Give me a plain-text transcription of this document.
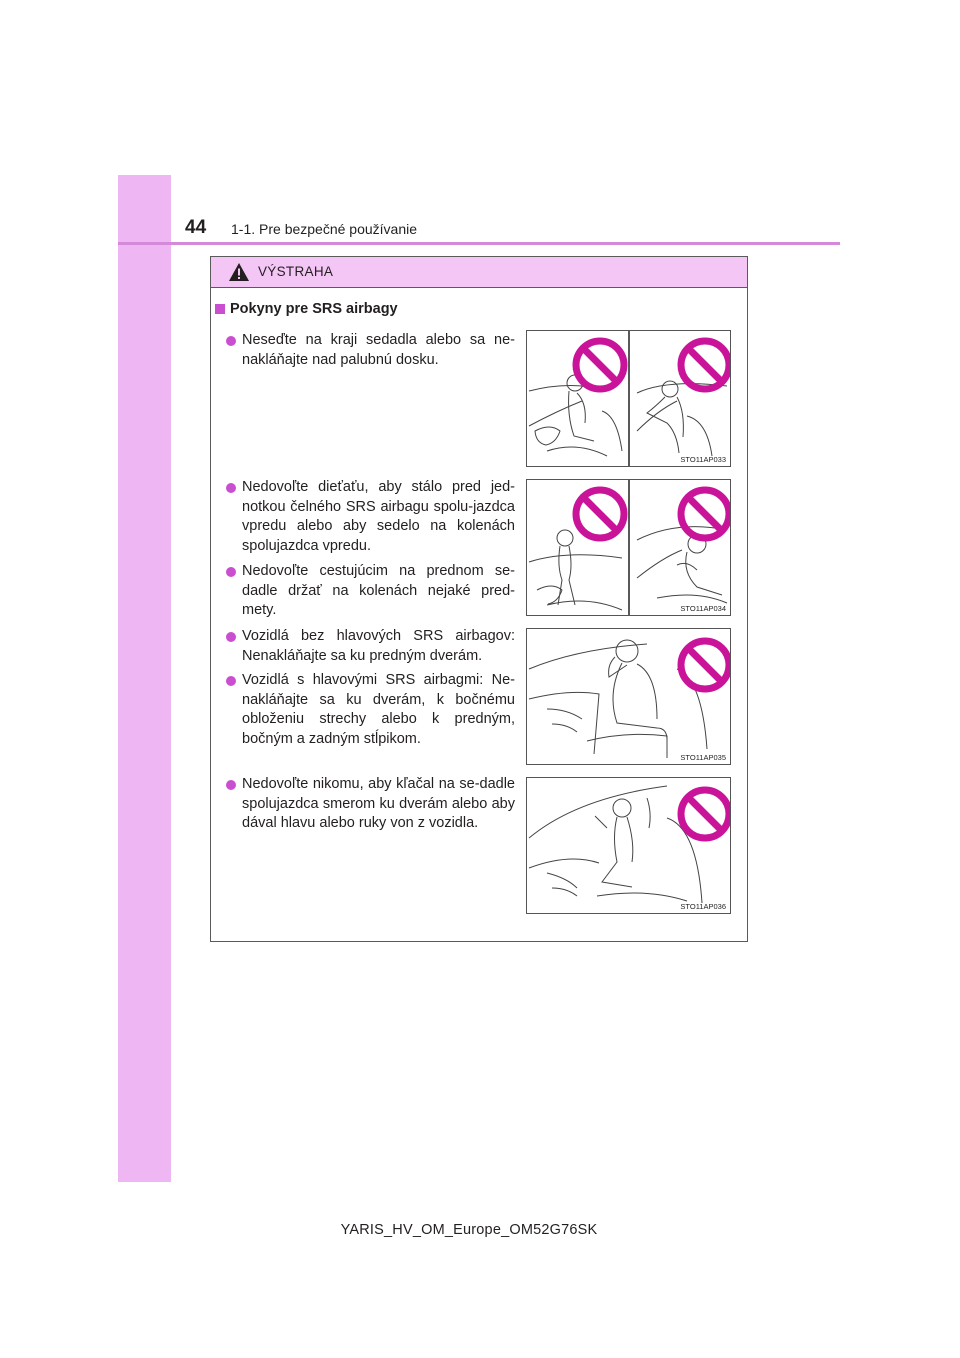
44 1-1. Pre bezpečné používanie
VÝSTRAHA
Pokyny pre SRS airbagy
Neseďte na kraji sedadla alebo sa ne-nakláňajte nad palubnú dosku.
Nedovoľte dieťaťu, aby stálo pred jed-notkou čelného SRS airbagu spolu-jazdca vpredu alebo aby sedelo na kolenách spolujazdca vpredu.
Nedovoľte cestujúcim na prednom se-dadle držať na kolenách nejaké pred-mety.
Vozidlá bez hlavových SRS airbagov: Nenakláňajte sa ku predným dverám.
Vozidlá s hlavovými SRS airbagmi: Ne-nakláňajte sa ku dverám, k bočnému obloženiu strechy alebo k predným, bočným a zadným stĺpikom.
Nedovoľte nikomu, aby kľačal na se-dadle spolujazdca smerom ku dverám alebo aby dával hlavu alebo ruky von z vozidla.
STO11AP033
STO11AP034
STO11AP035
STO11AP036
YARIS_HV_OM_Europe_OM52G76SK
